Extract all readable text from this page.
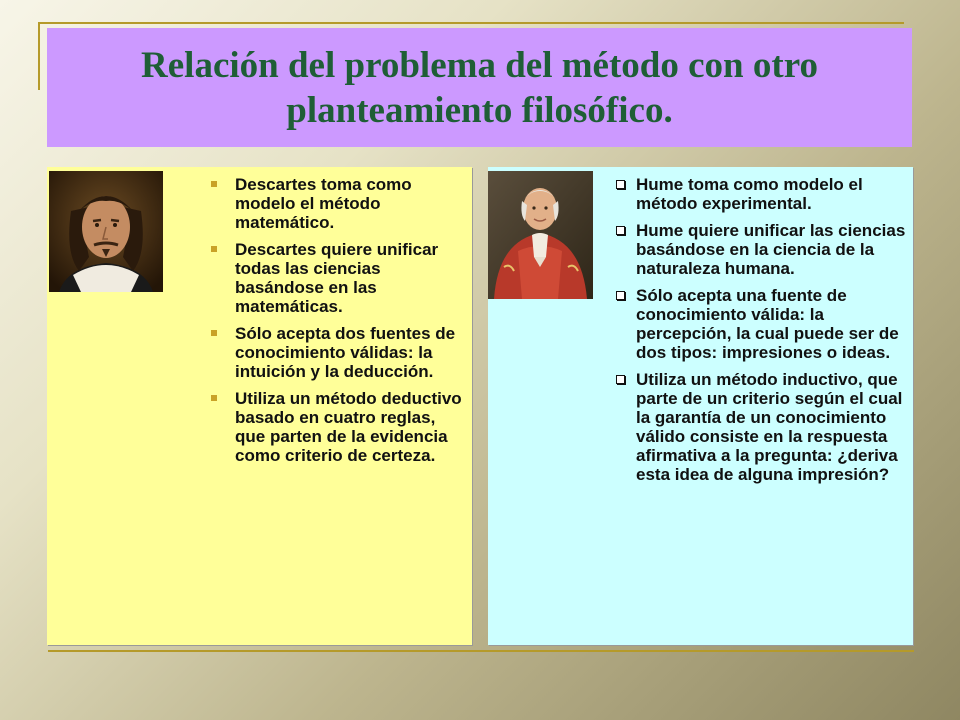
Relación del problema del método con otro planteamiento filosófico.
Descartes toma como modelo el método matemático.
Descartes quiere unificar todas las ciencias basándose en las matemáticas.
Sólo acepta dos fuentes de conocimiento válidas: la intuición y la deducción.
Utiliza un método deductivo basado en cuatro reglas, que parten de la evidencia como criterio de certeza.
Hume toma como modelo el método experimental.
Hume quiere unificar las ciencias basándose en la ciencia de la naturaleza humana.
Sólo acepta una fuente de conocimiento válida: la percepción, la cual puede ser de dos tipos: impresiones o ideas.
Utiliza un método inductivo, que parte de un criterio según el cual la garantía de un conocimiento válido consiste en la respuesta afirmativa a la pregunta: ¿deriva esta idea de alguna impresión?
